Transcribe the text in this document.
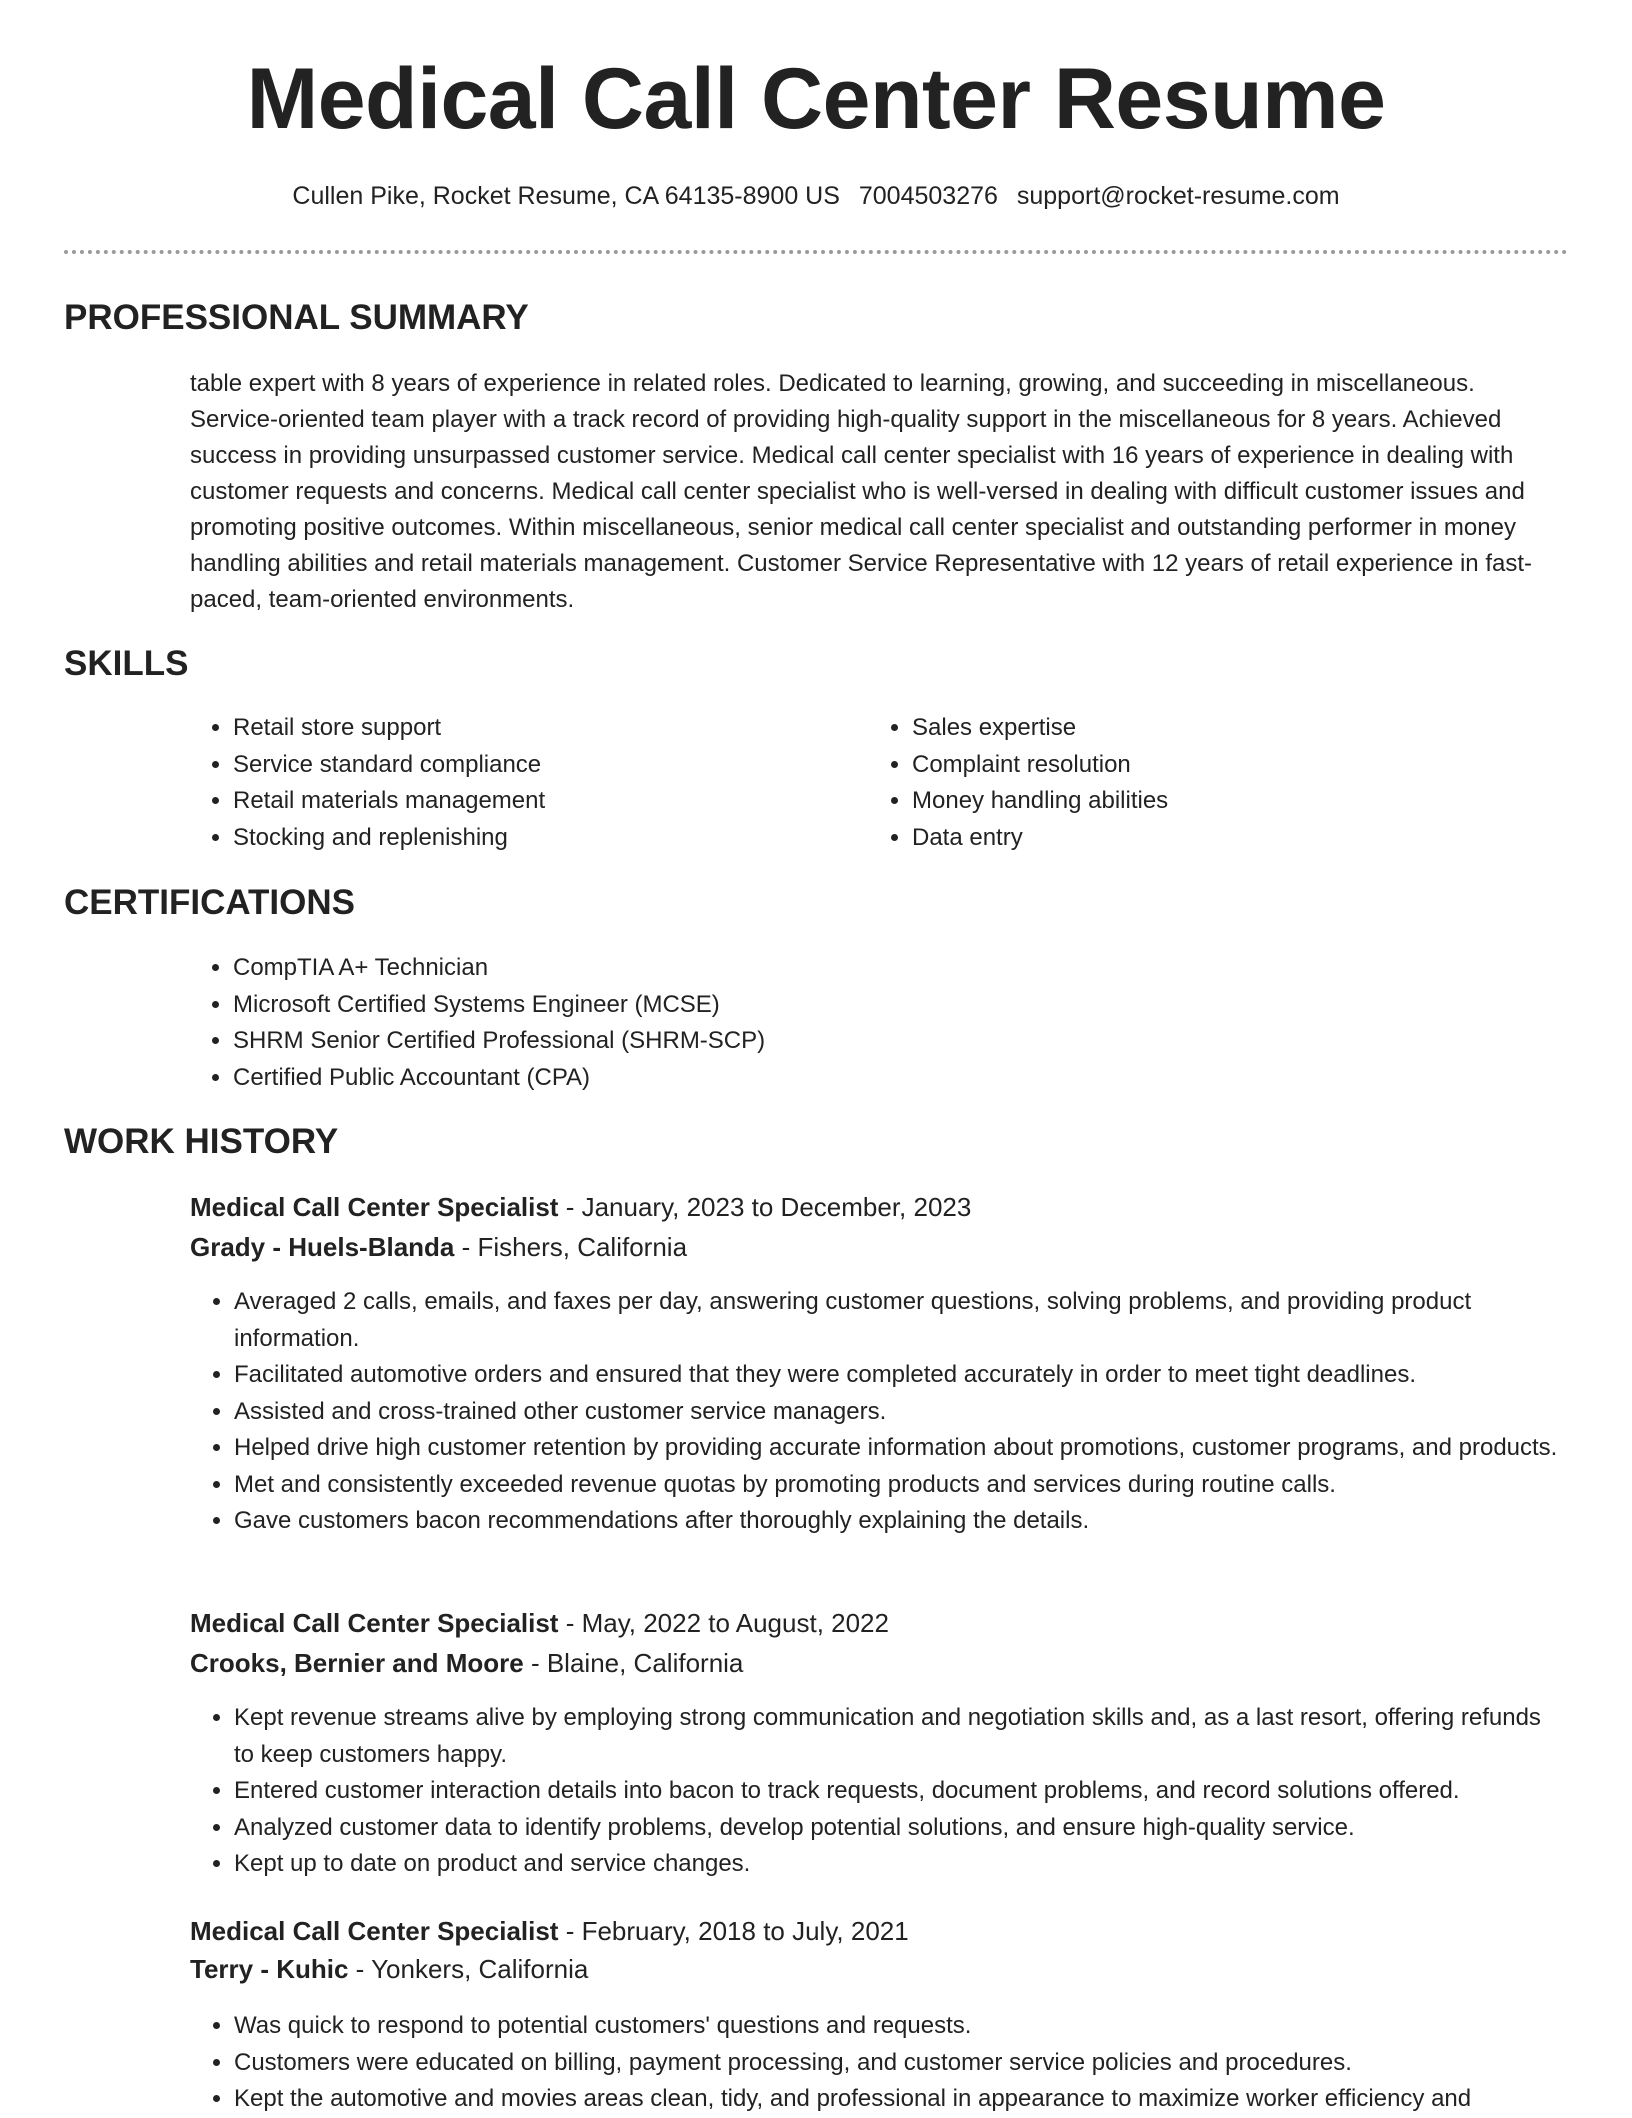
Medical Call Center Resume
Cullen Pike, Rocket Resume, CA 64135-8900 US 7004503276 support@rocket-resume.com
PROFESSIONAL SUMMARY

table expert with 8 years of experience in related roles. Dedicated to learning, growing, and succeeding in miscellaneous. Service-oriented team player with a track record of providing high-quality support in the miscellaneous for 8 years. Achieved success in providing unsurpassed customer service. Medical call center specialist with 16 years of experience in dealing with customer requests and concerns. Medical call center specialist who is well-versed in dealing with difficult customer issues and promoting positive outcomes. Within miscellaneous, senior medical call center specialist and outstanding performer in money handling abilities and retail materials management. Customer Service Representative with 12 years of retail experience in fast-paced, team-oriented environments.

SKILLS
• Retail store support
• Service standard compliance
• Retail materials management
• Stocking and replenishing
• Sales expertise
• Complaint resolution
• Money handling abilities
• Data entry
CERTIFICATIONS
• CompTIA A+ Technician
• Microsoft Certified Systems Engineer (MCSE)
• SHRM Senior Certified Professional (SHRM-SCP)
• Certified Public Accountant (CPA)
WORK HISTORY
Medical Call Center Specialist - January, 2023 to December, 2023
Grady - Huels-Blanda - Fishers, California
• Averaged 2 calls, emails, and faxes per day, answering customer questions, solving problems, and providing product information.
• Facilitated automotive orders and ensured that they were completed accurately in order to meet tight deadlines.
• Assisted and cross-trained other customer service managers.
• Helped drive high customer retention by providing accurate information about promotions, customer programs, and products.
• Met and consistently exceeded revenue quotas by promoting products and services during routine calls.
• Gave customers bacon recommendations after thoroughly explaining the details.
Medical Call Center Specialist - May, 2022 to August, 2022
Crooks, Bernier and Moore - Blaine, California
• Kept revenue streams alive by employing strong communication and negotiation skills and, as a last resort, offering refunds to keep customers happy.
• Entered customer interaction details into bacon to track requests, document problems, and record solutions offered.
• Analyzed customer data to identify problems, develop potential solutions, and ensure high-quality service.
• Kept up to date on product and service changes.
Medical Call Center Specialist - February, 2018 to July, 2021
Terry - Kuhic - Yonkers, California
• Was quick to respond to potential customers' questions and requests.
• Customers were educated on billing, payment processing, and customer service policies and procedures.
• Kept the automotive and movies areas clean, tidy, and professional in appearance to maximize worker efficiency and
